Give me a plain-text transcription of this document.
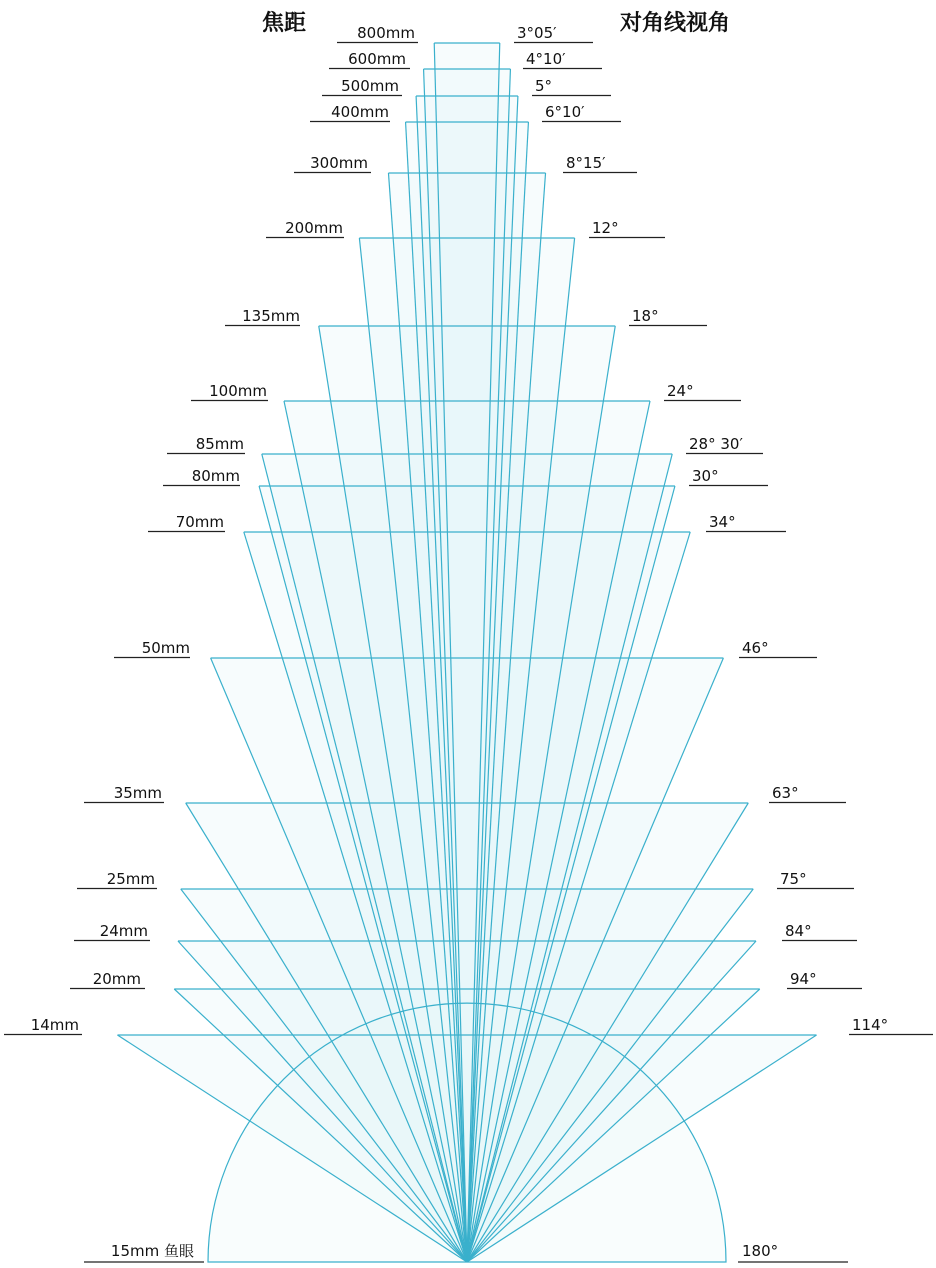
800mm	3°05′
600mm	4°10′
500mm	5°
400mm	6°10′
300mm	8°15′
200mm	12°
135mm	18°
100mm	24°
85mm	28° 30′
80mm	30°
70mm	34°
50mm	46°
35mm	63°
25mm	75°
24mm	84°
20mm	94°
14mm	114°
15mm 鱼眼	180°
焦距	对角线视角
